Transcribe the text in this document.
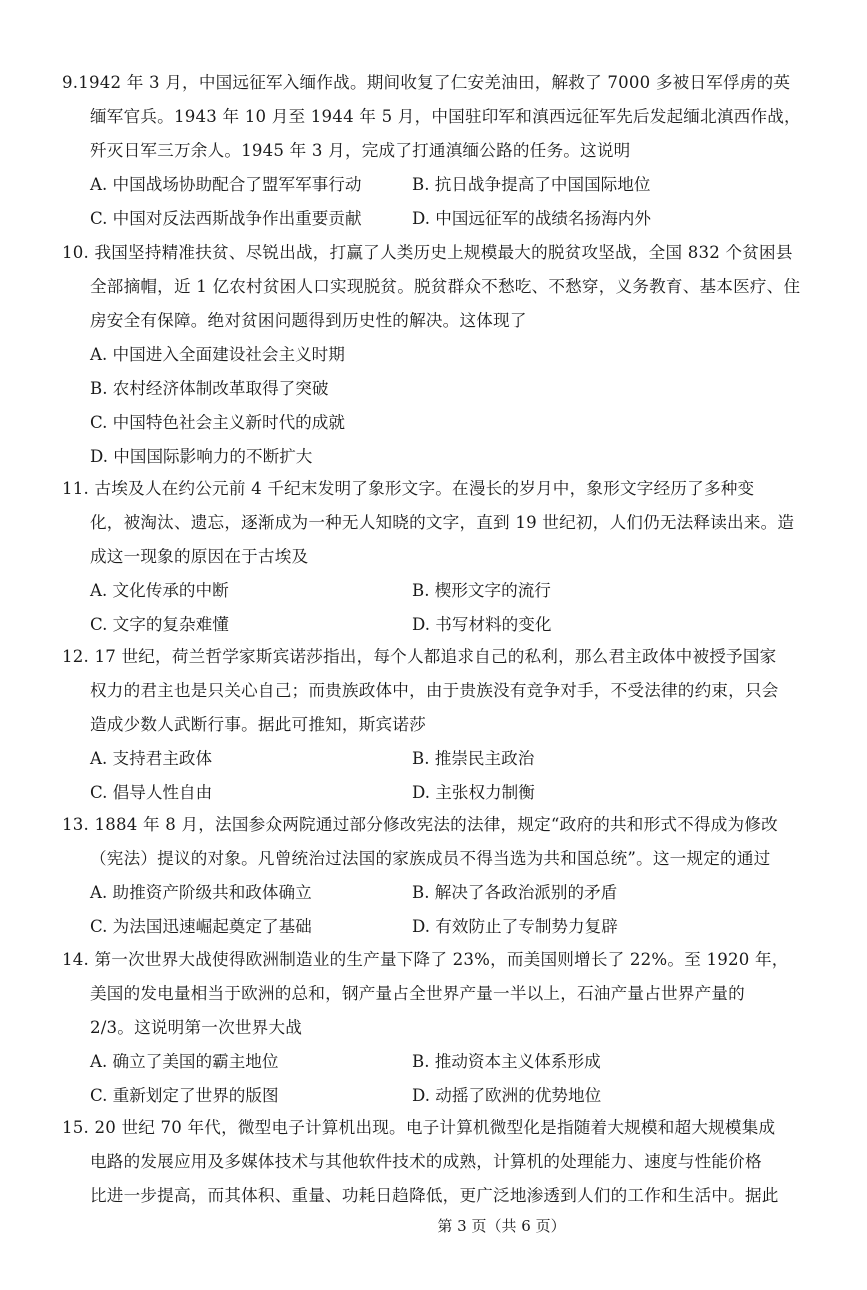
9.1942 年 3 月，中国远征军入缅作战。期间收复了仁安羌油田，解救了 7000 多被日军俘虏的英
缅军官兵。1943 年 10 月至 1944 年 5 月，中国驻印军和滇西远征军先后发起缅北滇西作战，
歼灭日军三万余人。1945 年 3 月，完成了打通滇缅公路的任务。这说明
A. 中国战场协助配合了盟军军事行动	B. 抗日战争提高了中国国际地位
C. 中国对反法西斯战争作出重要贡献	D. 中国远征军的战绩名扬海内外
10. 我国坚持精准扶贫、尽锐出战，打赢了人类历史上规模最大的脱贫攻坚战，全国 832 个贫困县
全部摘帽，近 1 亿农村贫困人口实现脱贫。脱贫群众不愁吃、不愁穿，义务教育、基本医疗、住
房安全有保障。绝对贫困问题得到历史性的解决。这体现了
A. 中国进入全面建设社会主义时期
B. 农村经济体制改革取得了突破
C. 中国特色社会主义新时代的成就
D. 中国国际影响力的不断扩大
11. 古埃及人在约公元前 4 千纪末发明了象形文字。在漫长的岁月中，象形文字经历了多种变
化，被淘汰、遗忘，逐渐成为一种无人知晓的文字，直到 19 世纪初，人们仍无法释读出来。造
成这一现象的原因在于古埃及
A. 文化传承的中断	B. 楔形文字的流行
C. 文字的复杂难懂	D. 书写材料的变化
12. 17 世纪，荷兰哲学家斯宾诺莎指出，每个人都追求自己的私利，那么君主政体中被授予国家
权力的君主也是只关心自己；而贵族政体中，由于贵族没有竞争对手，不受法律的约束，只会
造成少数人武断行事。据此可推知，斯宾诺莎
A. 支持君主政体	B. 推崇民主政治
C. 倡导人性自由	D. 主张权力制衡
13. 1884 年 8 月，法国参众两院通过部分修改宪法的法律，规定“政府的共和形式不得成为修改
（宪法）提议的对象。凡曾统治过法国的家族成员不得当选为共和国总统”。这一规定的通过
A. 助推资产阶级共和政体确立	B. 解决了各政治派别的矛盾
C. 为法国迅速崛起奠定了基础	D. 有效防止了专制势力复辟
14. 第一次世界大战使得欧洲制造业的生产量下降了 23%，而美国则增长了 22%。至 1920 年，
美国的发电量相当于欧洲的总和，钢产量占全世界产量一半以上，石油产量占世界产量的
2/3。这说明第一次世界大战
A. 确立了美国的霸主地位	B. 推动资本主义体系形成
C. 重新划定了世界的版图	D. 动摇了欧洲的优势地位
15. 20 世纪 70 年代，微型电子计算机出现。电子计算机微型化是指随着大规模和超大规模集成
电路的发展应用及多媒体技术与其他软件技术的成熟，计算机的处理能力、速度与性能价格
比进一步提高，而其体积、重量、功耗日趋降低，更广泛地渗透到人们的工作和生活中。据此
第 3 页（共 6 页）
